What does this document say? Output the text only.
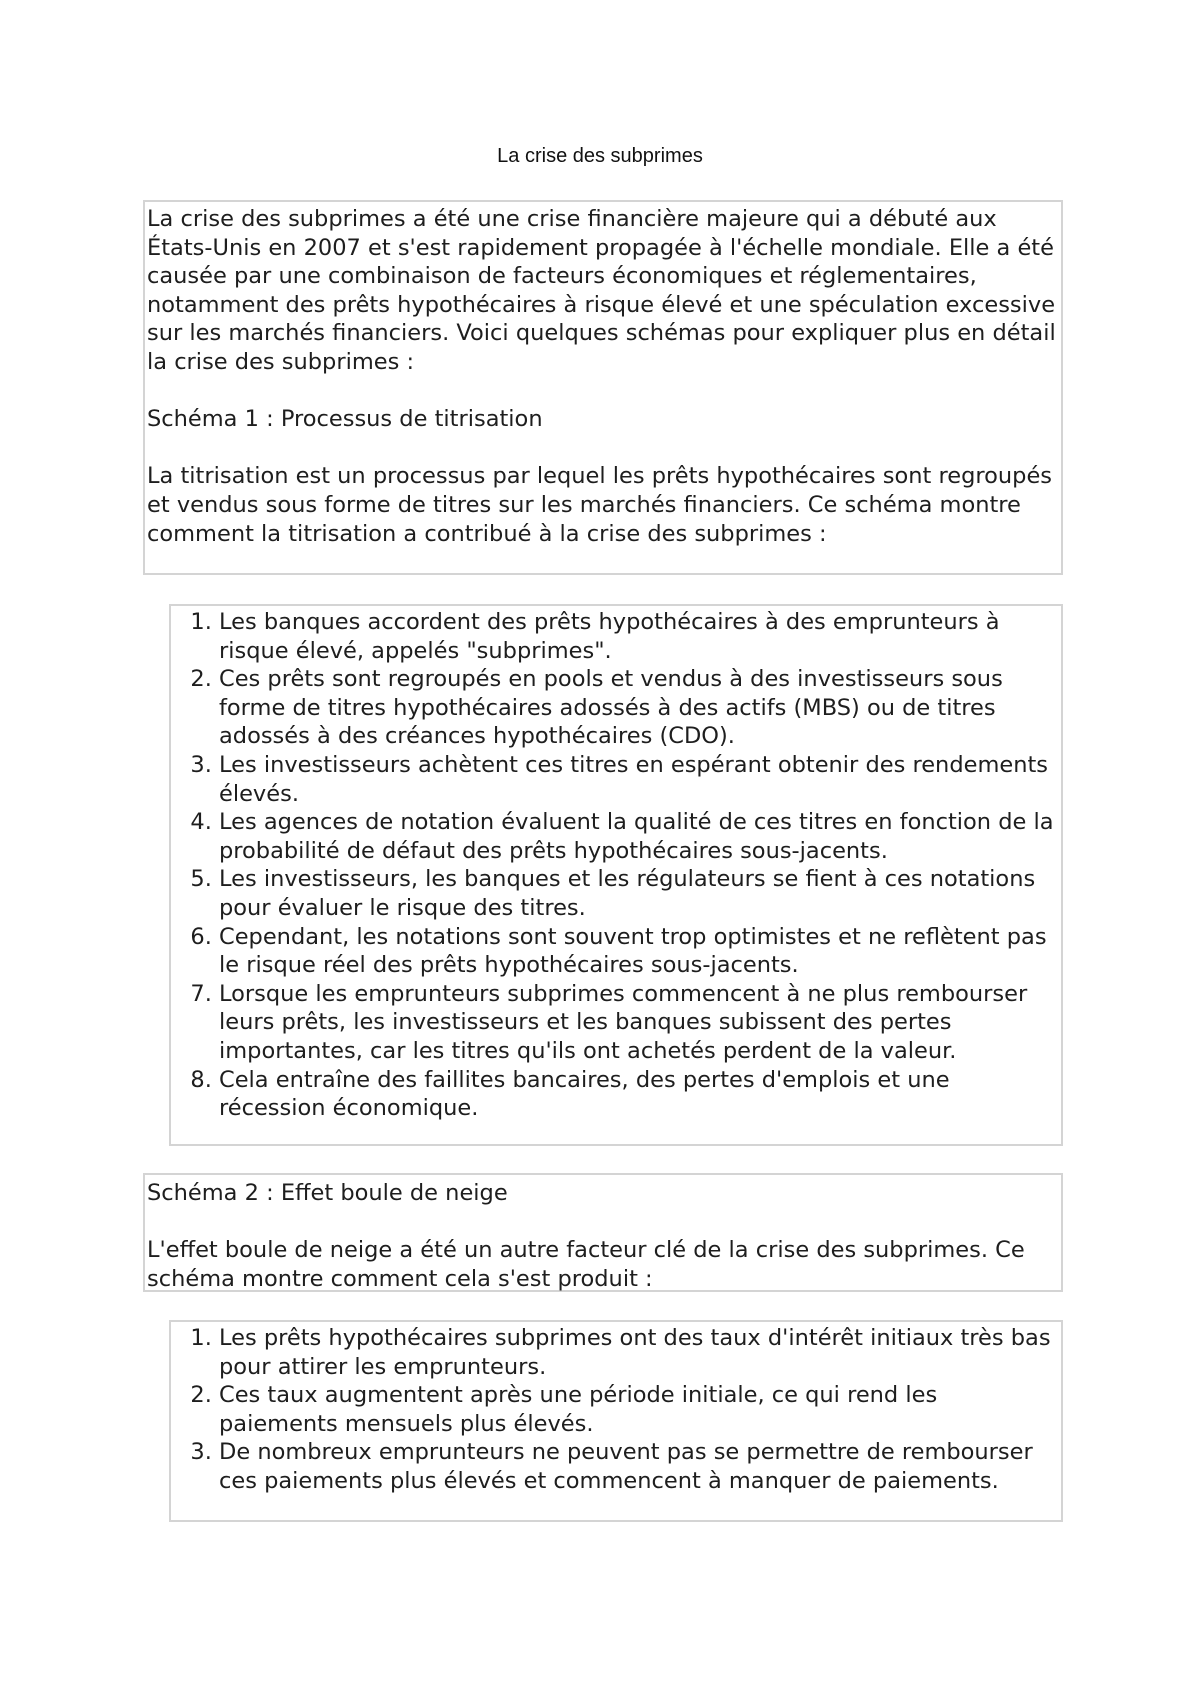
La crise des subprimes

La crise des subprimes a été une crise financière majeure qui a débuté aux États-Unis en 2007 et s'est rapidement propagée à l'échelle mondiale. Elle a été causée par une combinaison de facteurs économiques et réglementaires, notamment des prêts hypothécaires à risque élevé et une spéculation excessive sur les marchés financiers. Voici quelques schémas pour expliquer plus en détail la crise des subprimes :

Schéma 1 : Processus de titrisation

La titrisation est un processus par lequel les prêts hypothécaires sont regroupés et vendus sous forme de titres sur les marchés financiers. Ce schéma montre comment la titrisation a contribué à la crise des subprimes :

1. Les banques accordent des prêts hypothécaires à des emprunteurs à risque élevé, appelés "subprimes".
2. Ces prêts sont regroupés en pools et vendus à des investisseurs sous forme de titres hypothécaires adossés à des actifs (MBS) ou de titres adossés à des créances hypothécaires (CDO).
3. Les investisseurs achètent ces titres en espérant obtenir des rendements élevés.
4. Les agences de notation évaluent la qualité de ces titres en fonction de la probabilité de défaut des prêts hypothécaires sous-jacents.
5. Les investisseurs, les banques et les régulateurs se fient à ces notations pour évaluer le risque des titres.
6. Cependant, les notations sont souvent trop optimistes et ne reflètent pas le risque réel des prêts hypothécaires sous-jacents.
7. Lorsque les emprunteurs subprimes commencent à ne plus rembourser leurs prêts, les investisseurs et les banques subissent des pertes importantes, car les titres qu'ils ont achetés perdent de la valeur.
8. Cela entraîne des faillites bancaires, des pertes d'emplois et une récession économique.

Schéma 2 : Effet boule de neige

L'effet boule de neige a été un autre facteur clé de la crise des subprimes. Ce schéma montre comment cela s'est produit :

1. Les prêts hypothécaires subprimes ont des taux d'intérêt initiaux très bas pour attirer les emprunteurs.
2. Ces taux augmentent après une période initiale, ce qui rend les paiements mensuels plus élevés.
3. De nombreux emprunteurs ne peuvent pas se permettre de rembourser ces paiements plus élevés et commencent à manquer de paiements.
